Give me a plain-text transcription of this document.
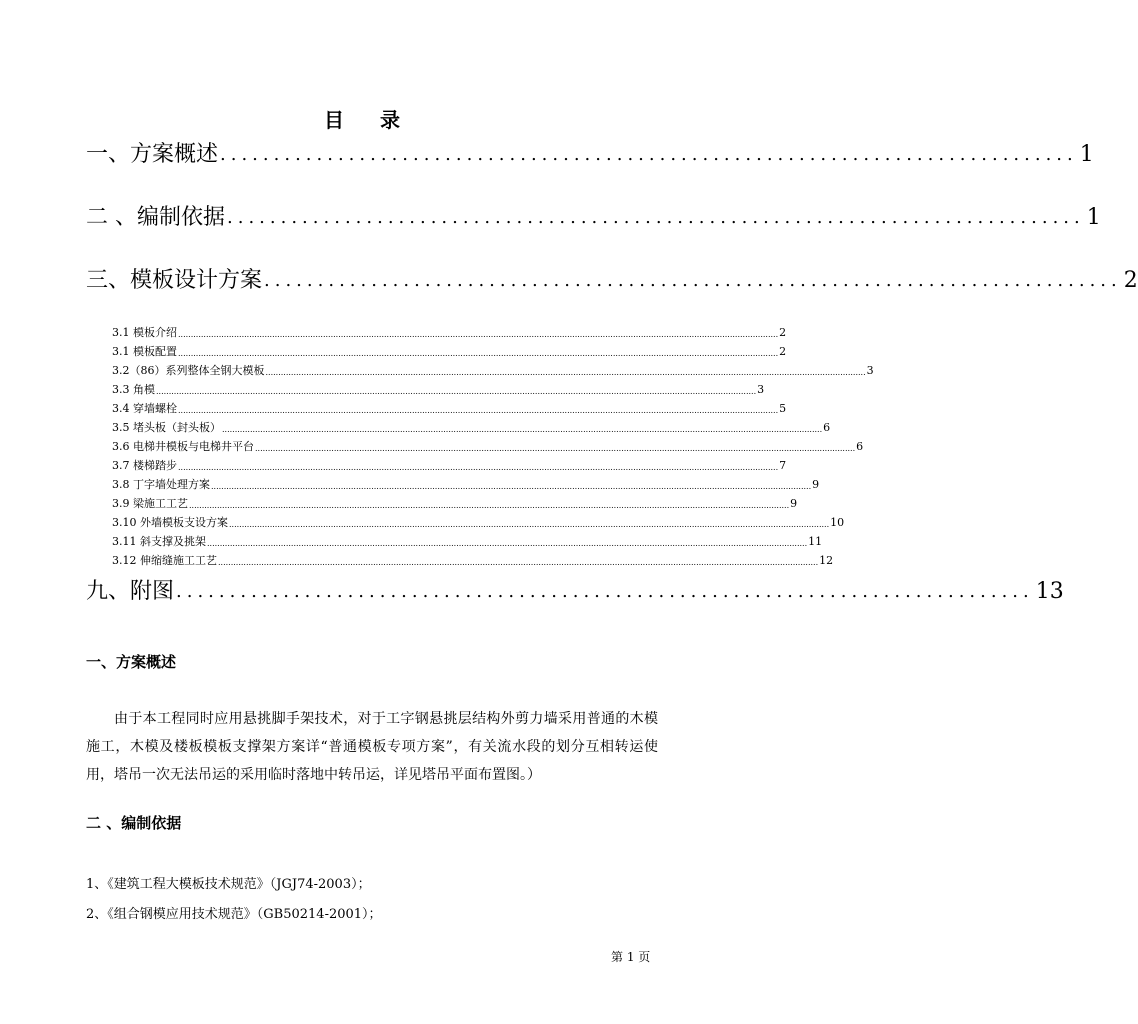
目录
一、方案概述 ................................................................................ 1
二 、编制依据 ................................................................................ 1
三、模板设计方案 ................................................................................ 2
3.1 模板介绍 ............................................................................................................................................................................................................................................ 2
3.1 模板配置 ............................................................................................................................................................................................................................................ 2
3.2（86）系列整体全钢大模板 ............................................................................................................................................................................................................................................ 3
3.3 角模 ............................................................................................................................................................................................................................................ 3
3.4 穿墙螺栓 ............................................................................................................................................................................................................................................ 5
3.5 堵头板（封头板） ............................................................................................................................................................................................................................................ 6
3.6 电梯井模板与电梯井平台 ............................................................................................................................................................................................................................................ 6
3.7 楼梯踏步 ............................................................................................................................................................................................................................................ 7
3.8 丁字墙处理方案 ............................................................................................................................................................................................................................................ 9
3.9 梁施工工艺 ............................................................................................................................................................................................................................................ 9
3.10 外墙模板支设方案 ............................................................................................................................................................................................................................................ 10
3.11 斜支撑及挑架 ............................................................................................................................................................................................................................................ 11
3.12 伸缩缝施工工艺 ............................................................................................................................................................................................................................................ 12
九、附图 ................................................................................ 13
一、方案概述
由于本工程同时应用悬挑脚手架技术，对于工字钢悬挑层结构外剪力墙采用普通的木模施工，木模及楼板模板支撑架方案详“普通模板专项方案”，有关流水段的划分互相转运使用，塔吊一次无法吊运的采用临时落地中转吊运，详见塔吊平面布置图。）
二 、编制依据
1、《建筑工程大模板技术规范》（JGJ74-2003）；
2、《组合钢模应用技术规范》（GB50214-2001）；
第 1 页
